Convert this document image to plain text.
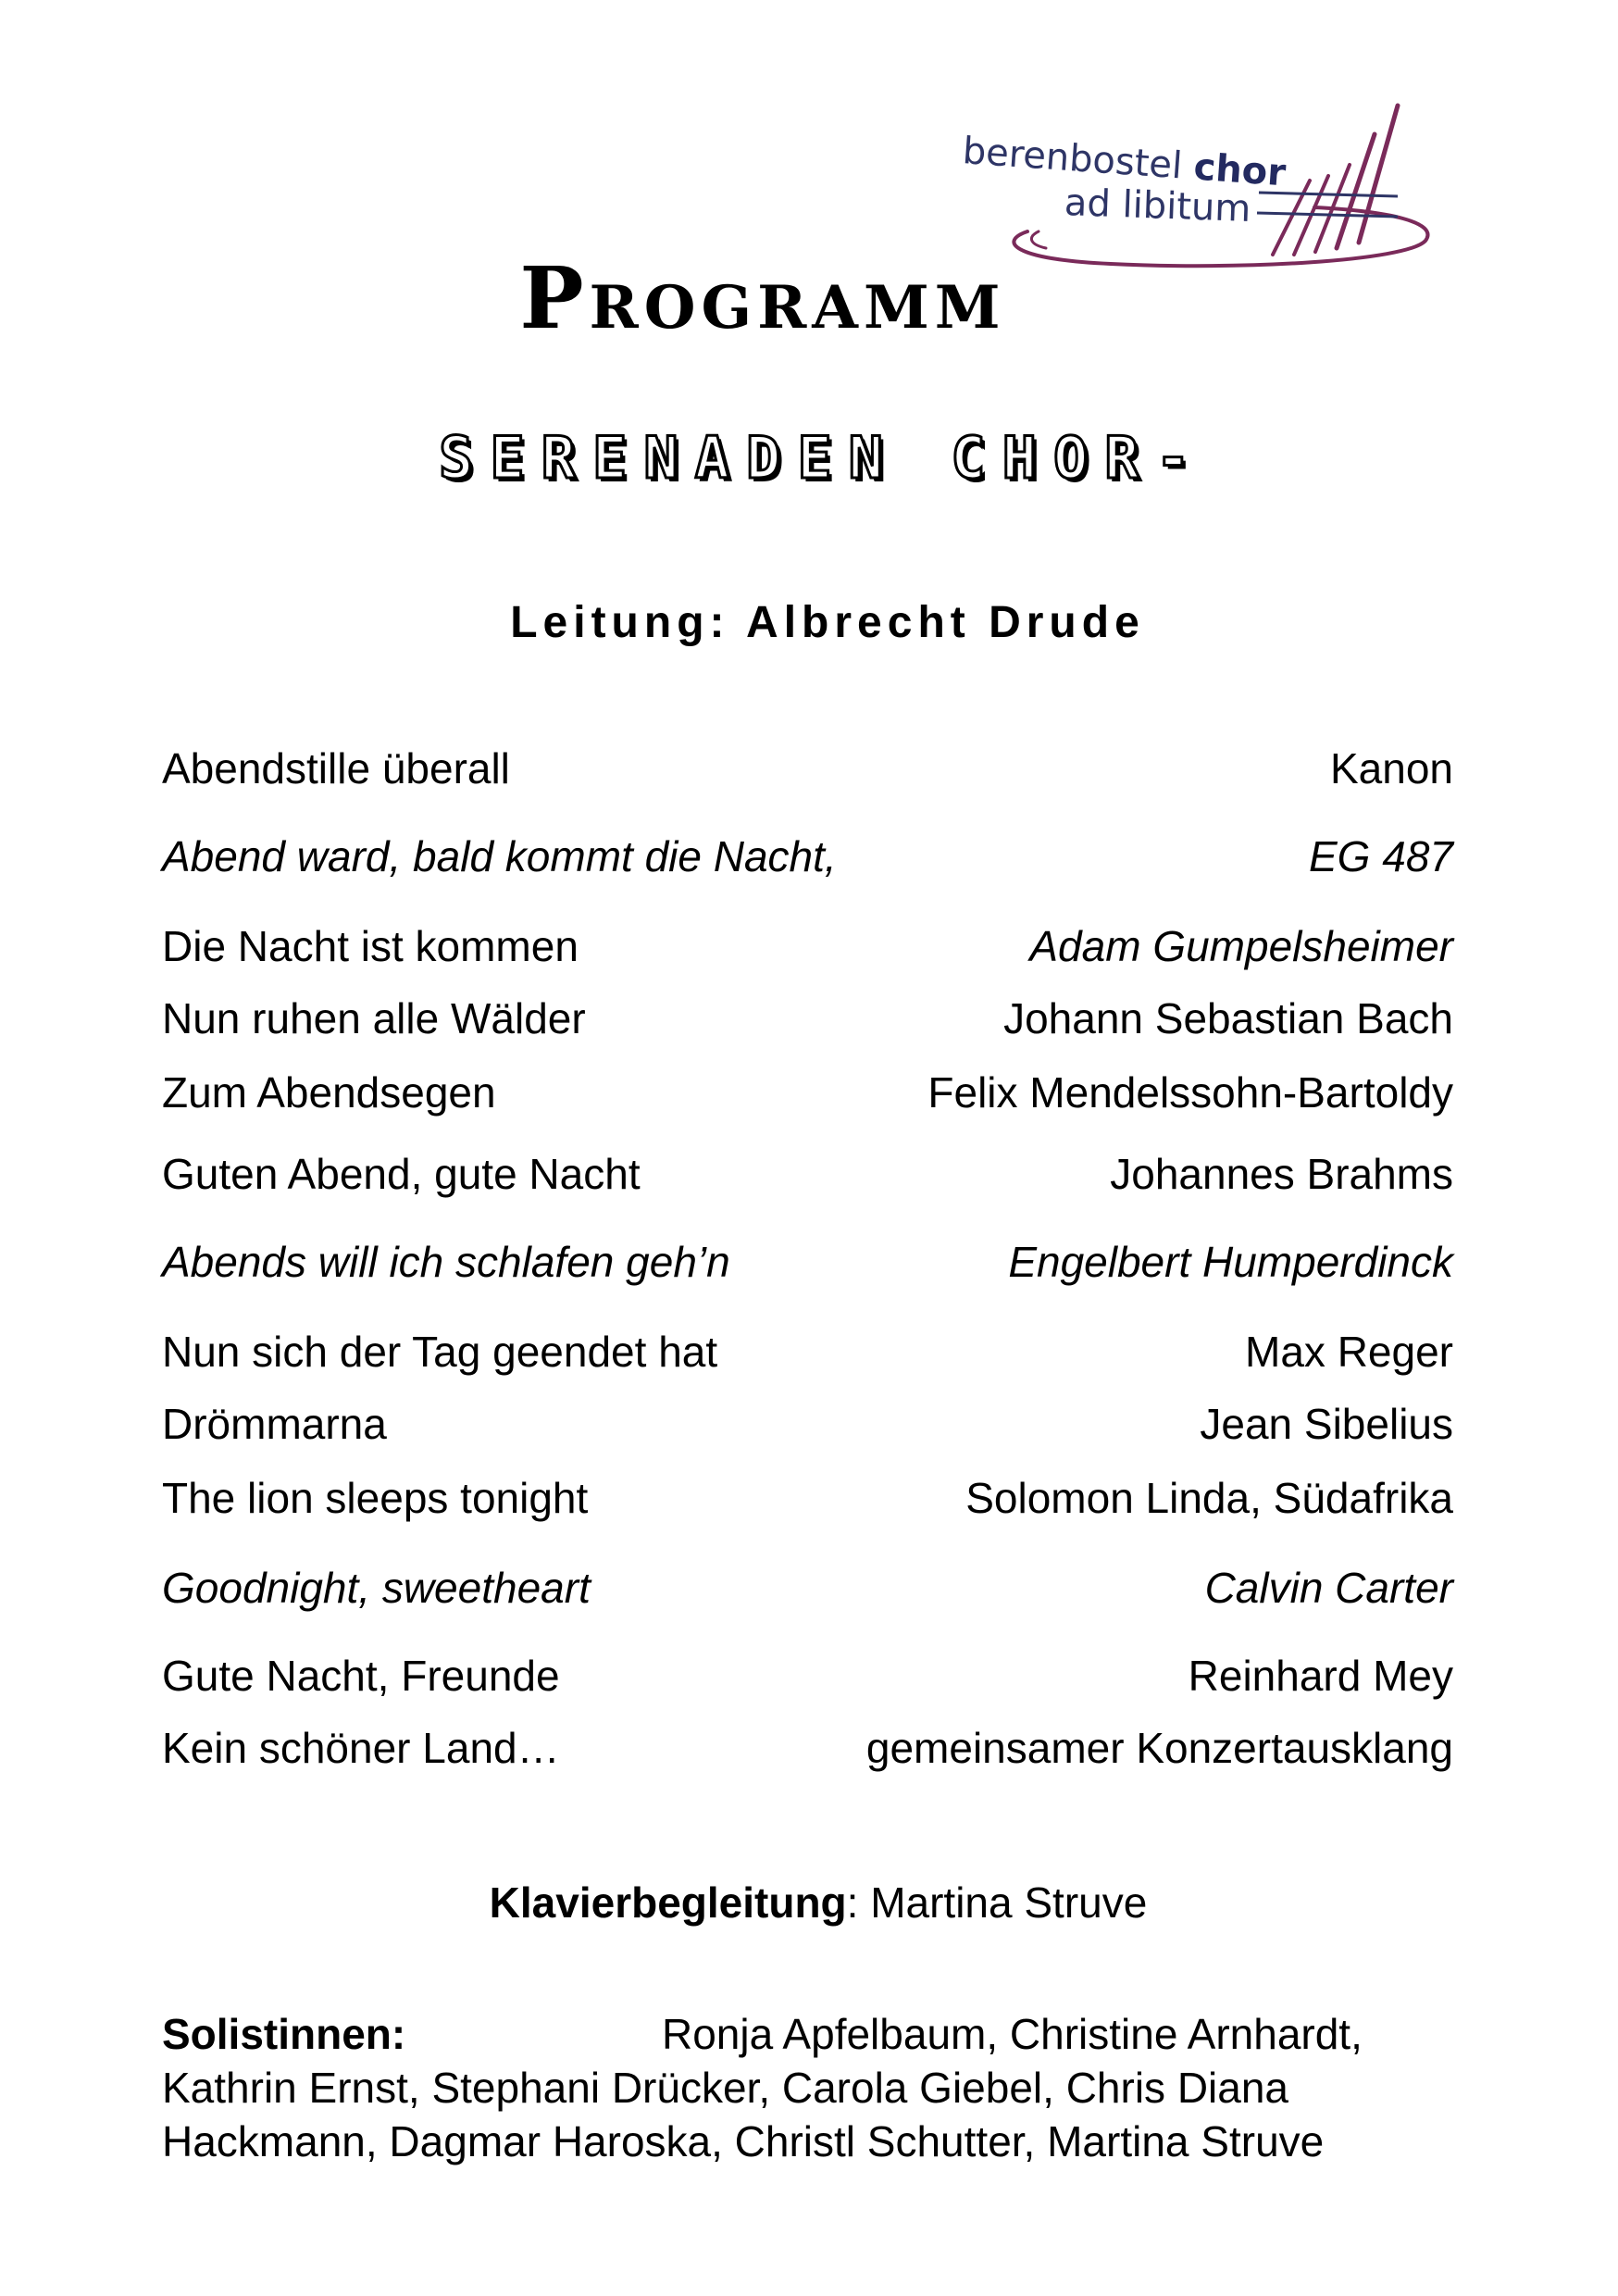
berenbostel chor
ad libitum
Programm
SERENADEN CHOR-
Leitung: Albrecht Drude
Abendstille überall	Kanon
Abend ward, bald kommt die Nacht,	EG 487
Die Nacht ist kommen	Adam Gumpelsheimer
Nun ruhen alle Wälder	Johann Sebastian Bach
Zum Abendsegen	Felix Mendelssohn-Bartoldy
Guten Abend, gute Nacht	Johannes Brahms
Abends will ich schlafen geh’n	Engelbert Humperdinck
Nun sich der Tag geendet hat	Max Reger
Drömmarna	Jean Sibelius
The lion sleeps tonight	Solomon Linda, Südafrika
Goodnight, sweetheart	Calvin Carter
Gute Nacht, Freunde	Reinhard Mey
Kein schöner Land…	gemeinsamer Konzertausklang
Klavierbegleitung: Martina Struve
Solistinnen:	Ronja Apfelbaum, Christine Arnhardt,
Kathrin Ernst, Stephani Drücker, Carola Giebel, Chris Diana
Hackmann, Dagmar Haroska, Christl Schutter, Martina Struve
